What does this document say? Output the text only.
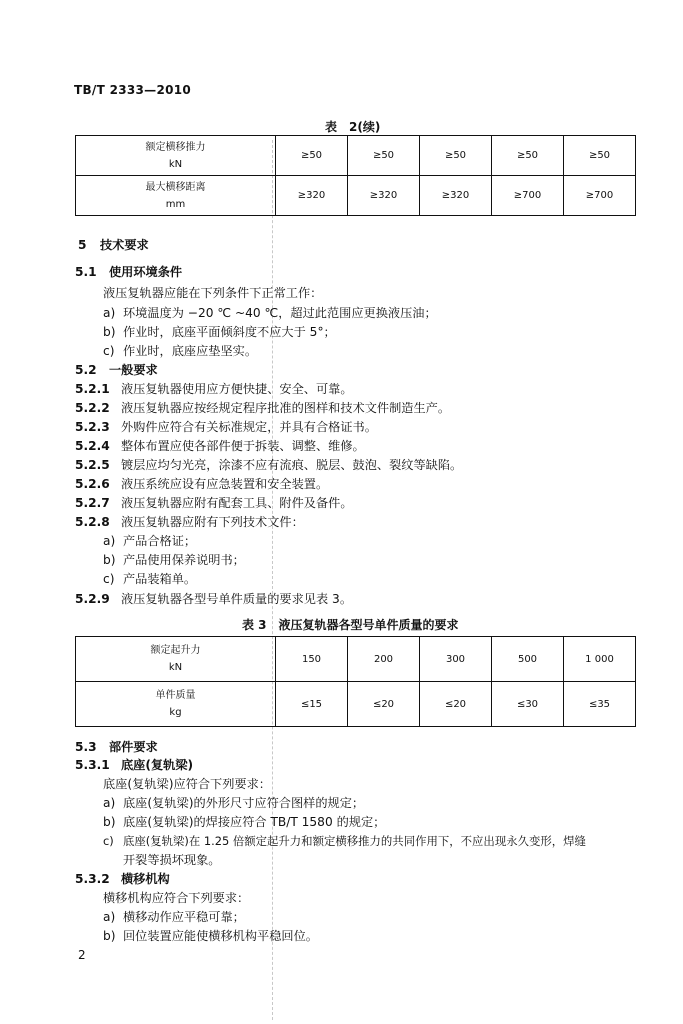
TB/T 2333—2010
表　2(续)
额定横移推力
kN	≥50	≥50	≥50	≥50	≥50
最大横移距离
mm	≥320	≥320	≥320	≥700	≥700
5 技术要求
5.1 使用环境条件
液压复轨器应能在下列条件下正常工作：
a) 环境温度为 −20 ℃ ~40 ℃，超过此范围应更换液压油；
b) 作业时，底座平面倾斜度不应大于 5°；
c) 作业时，底座应垫坚实。
5.2 一般要求
5.2.1 液压复轨器使用应方便快捷、安全、可靠。
5.2.2 液压复轨器应按经规定程序批准的图样和技术文件制造生产。
5.2.3 外购件应符合有关标准规定，并具有合格证书。
5.2.4 整体布置应使各部件便于拆装、调整、维修。
5.2.5 镀层应均匀光亮，涂漆不应有流痕、脱层、鼓泡、裂纹等缺陷。
5.2.6 液压系统应设有应急装置和安全装置。
5.2.7 液压复轨器应附有配套工具、附件及备件。
5.2.8 液压复轨器应附有下列技术文件：
a) 产品合格证；
b) 产品使用保养说明书；
c) 产品装箱单。
5.2.9 液压复轨器各型号单件质量的要求见表 3。
表 3　液压复轨器各型号单件质量的要求
额定起升力
kN	150	200	300	500	1 000
单件质量
kg	≤15	≤20	≤20	≤30	≤35
5.3 部件要求
5.3.1 底座(复轨梁)
底座(复轨梁)应符合下列要求：
a) 底座(复轨梁)的外形尺寸应符合图样的规定；
b) 底座(复轨梁)的焊接应符合 TB/T 1580 的规定；
c) 底座(复轨梁)在 1.25 倍额定起升力和额定横移推力的共同作用下，不应出现永久变形，焊缝
开裂等损坏现象。
5.3.2 横移机构
横移机构应符合下列要求：
a) 横移动作应平稳可靠；
b) 回位装置应能使横移机构平稳回位。
2
